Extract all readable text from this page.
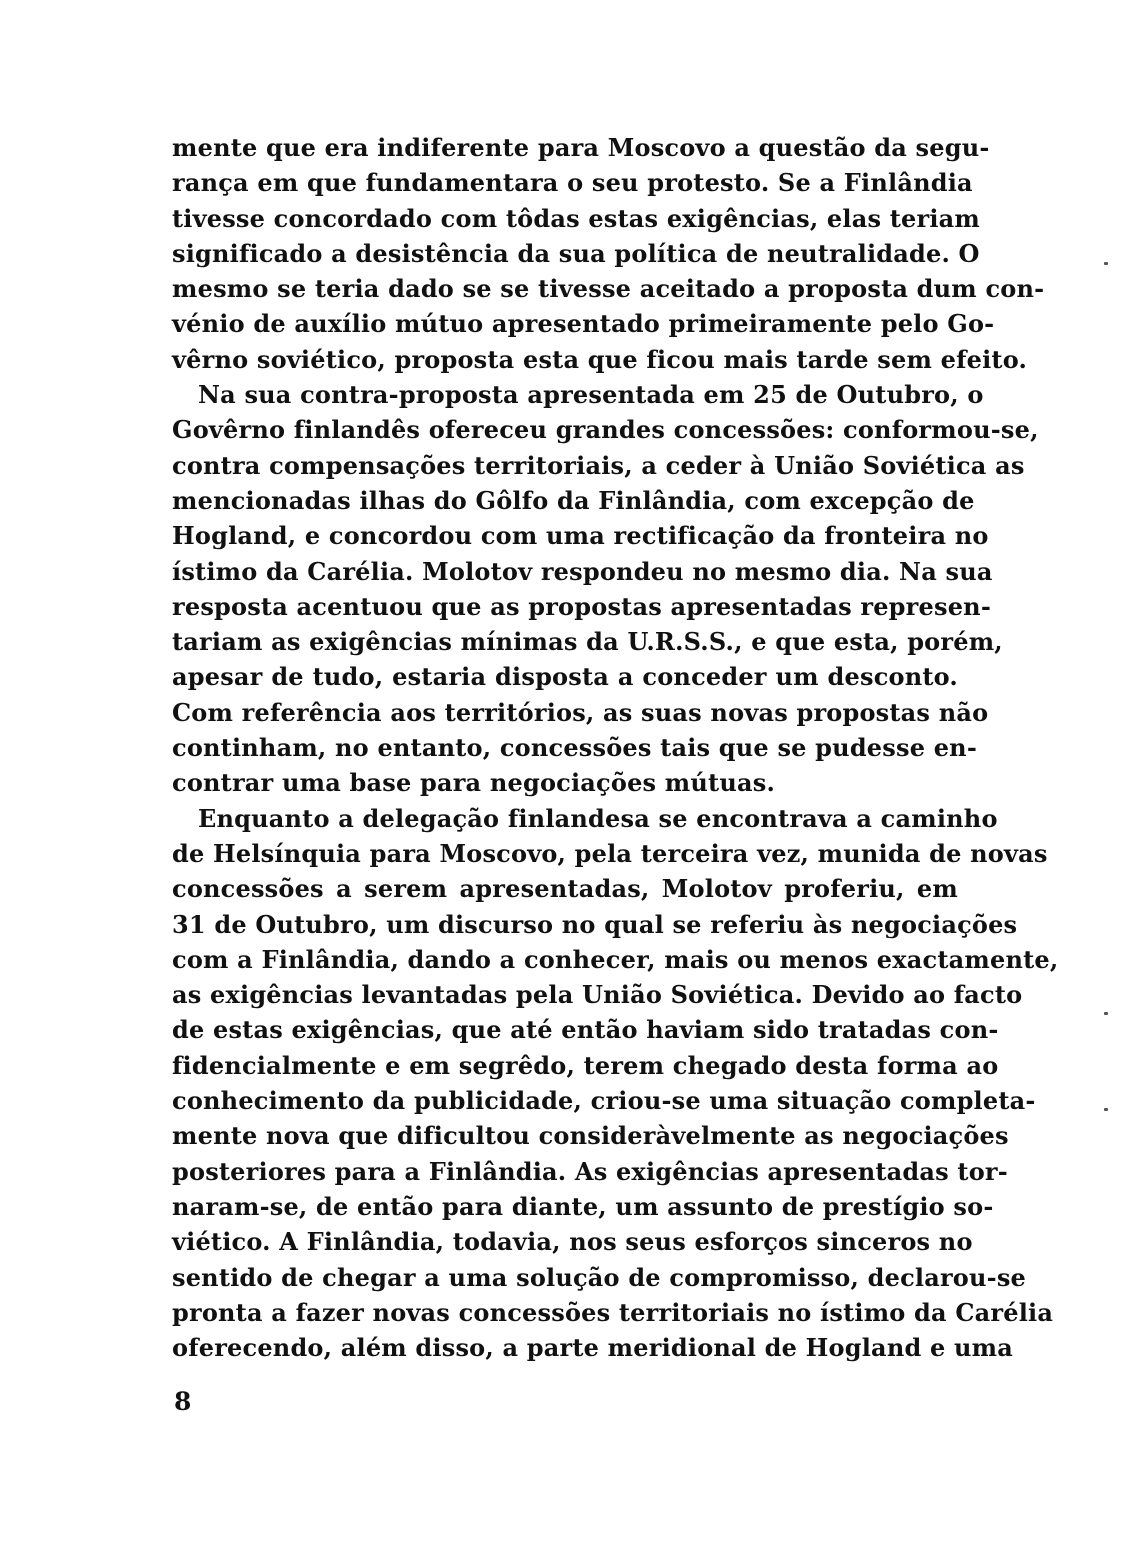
mente que era indiferente para Moscovo a questão da segu-
rança em que fundamentara o seu protesto. Se a Finlândia
tivesse concordado com tôdas estas exigências, elas teriam
significado a desistência da sua política de neutralidade. O
mesmo se teria dado se se tivesse aceitado a proposta dum con-
vénio de auxílio mútuo apresentado primeiramente pelo Go-
vêrno soviético, proposta esta que ficou mais tarde sem efeito.
Na sua contra-proposta apresentada em 25 de Outubro, o
Govêrno finlandês ofereceu grandes concessões: conformou-se,
contra compensações territoriais, a ceder à União Soviética as
mencionadas ilhas do Gôlfo da Finlândia, com excepção de
Hogland, e concordou com uma rectificação da fronteira no
ístimo da Carélia. Molotov respondeu no mesmo dia. Na sua
resposta acentuou que as propostas apresentadas represen-
tariam as exigências mínimas da U.R.S.S., e que esta, porém,
apesar de tudo, estaria disposta a conceder um desconto.
Com referência aos territórios, as suas novas propostas não
continham, no entanto, concessões tais que se pudesse en-
contrar uma base para negociações mútuas.
Enquanto a delegação finlandesa se encontrava a caminho
de Helsínquia para Moscovo, pela terceira vez, munida de novas
concessões a serem apresentadas, Molotov proferiu, em
31 de Outubro, um discurso no qual se referiu às negociações
com a Finlândia, dando a conhecer, mais ou menos exactamente,
as exigências levantadas pela União Soviética. Devido ao facto
de estas exigências, que até então haviam sido tratadas con-
fidencialmente e em segrêdo, terem chegado desta forma ao
conhecimento da publicidade, criou-se uma situação completa-
mente nova que dificultou consideràvelmente as negociações
posteriores para a Finlândia. As exigências apresentadas tor-
naram-se, de então para diante, um assunto de prestígio so-
viético. A Finlândia, todavia, nos seus esforços sinceros no
sentido de chegar a uma solução de compromisso, declarou-se
pronta a fazer novas concessões territoriais no ístimo da Carélia
oferecendo, além disso, a parte meridional de Hogland e uma
8
